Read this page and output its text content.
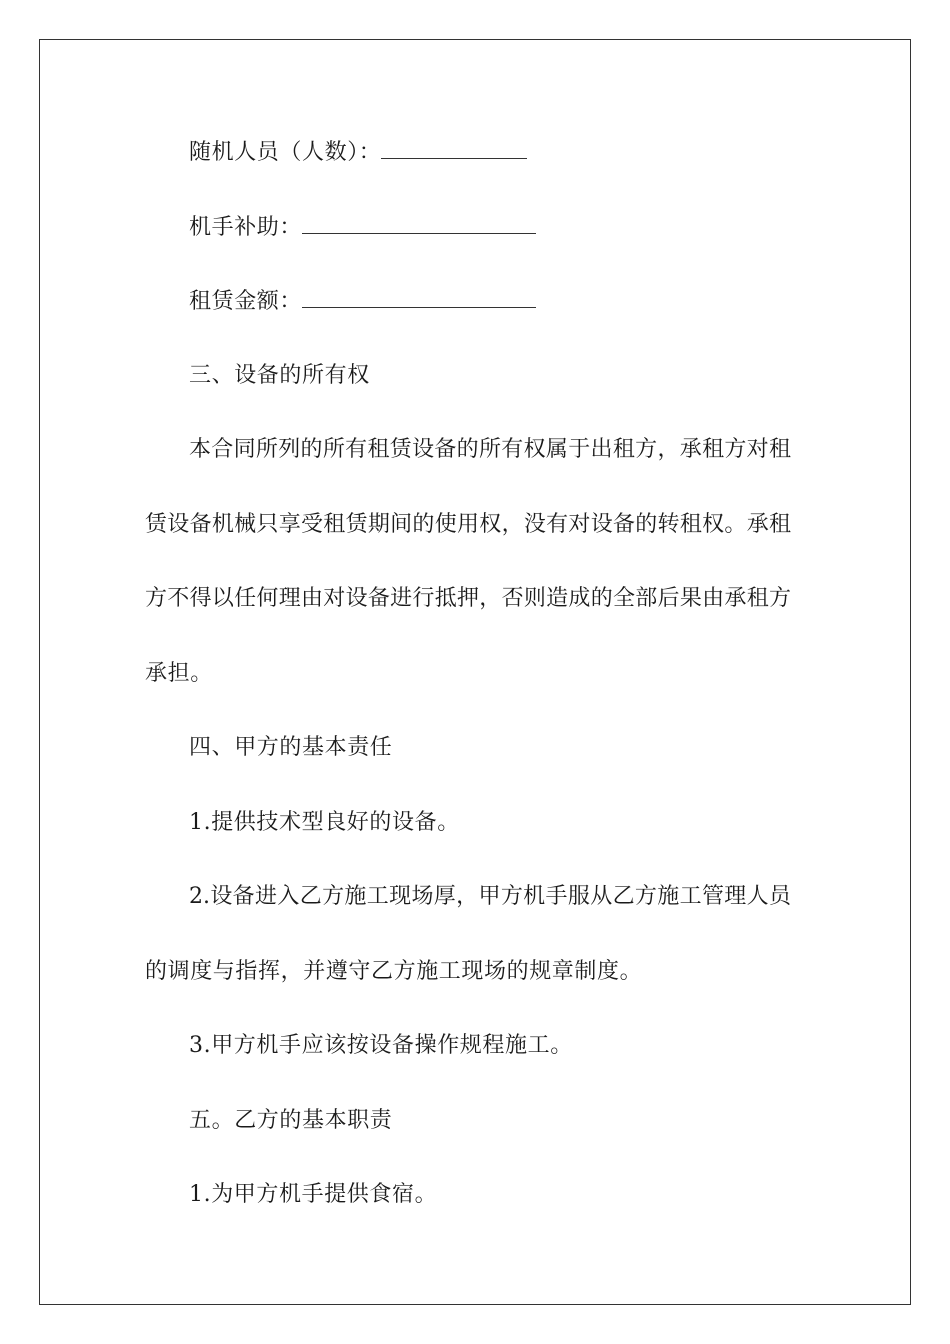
随机人员（人数）：
机手补助：
租赁金额：
三、设备的所有权
本合同所列的所有租赁设备的所有权属于出租方，承租方对租
赁设备机械只享受租赁期间的使用权，没有对设备的转租权。承租
方不得以任何理由对设备进行抵押，否则造成的全部后果由承租方
承担。
四、甲方的基本责任
1.提供技术型良好的设备。
2.设备进入乙方施工现场厚，甲方机手服从乙方施工管理人员
的调度与指挥，并遵守乙方施工现场的规章制度。
3.甲方机手应该按设备操作规程施工。
五。乙方的基本职责
1.为甲方机手提供食宿。
